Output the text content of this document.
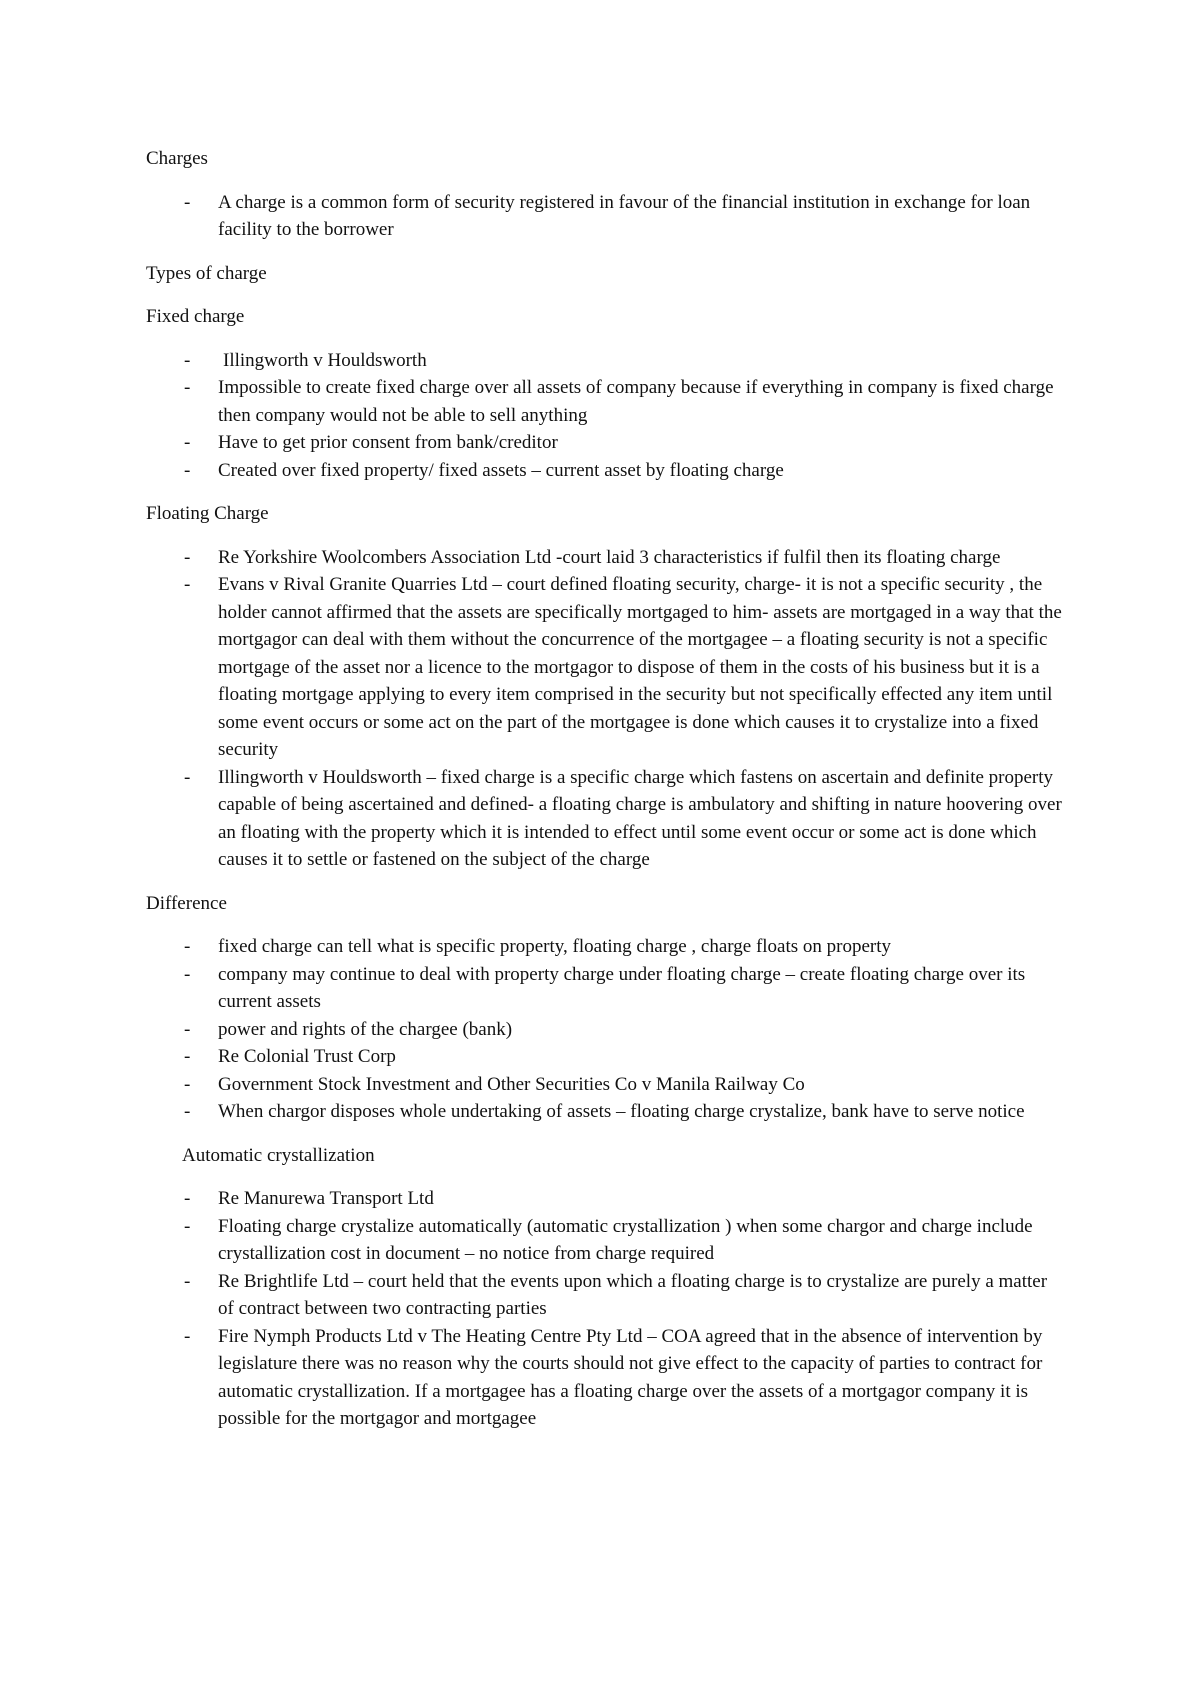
Charges

- A charge is a common form of security registered in favour of the financial institution in exchange for loan facility to the borrower

Types of charge

Fixed charge

- Illingworth v Houldsworth
- Impossible to create fixed charge over all assets of company because if everything in company is fixed charge then company would not be able to sell anything
- Have to get prior consent from bank/creditor
- Created over fixed property/ fixed assets – current asset by floating charge

Floating Charge

- Re Yorkshire Woolcombers Association Ltd -court laid 3 characteristics if fulfil then its floating charge
- Evans v Rival Granite Quarries Ltd – court defined floating security, charge- it is not a specific security , the holder cannot affirmed that the assets are specifically mortgaged to him- assets are mortgaged in a way that the mortgagor can deal with them without the concurrence of the mortgagee – a floating security is not a specific mortgage of the asset nor a licence to the mortgagor to dispose of them in the costs of his business but it is a floating mortgage applying to every item comprised in the security but not specifically effected any item until some event occurs or some act on the part of the mortgagee is done which causes it to crystalize into a fixed security
- Illingworth v Houldsworth – fixed charge is a specific charge which fastens on ascertain and definite property capable of being ascertained and defined- a floating charge is ambulatory and shifting in nature hoovering over an floating with the property which it is intended to effect until some event occur or some act is done which causes it to settle or fastened on the subject of the charge

Difference

- fixed charge can tell what is specific property, floating charge , charge floats on property
- company may continue to deal with property charge under floating charge – create floating charge over its current assets
- power and rights of the chargee (bank)
- Re Colonial Trust Corp
- Government Stock Investment and Other Securities Co v Manila Railway Co
- When chargor disposes whole undertaking of assets – floating charge crystalize, bank have to serve notice

Automatic crystallization

- Re Manurewa Transport Ltd
- Floating charge crystalize automatically (automatic crystallization ) when some chargor and charge include crystallization cost in document – no notice from charge required
- Re Brightlife Ltd – court held that the events upon which a floating charge is to crystalize are purely a matter of contract between two contracting parties
- Fire Nymph Products Ltd v The Heating Centre Pty Ltd – COA agreed that in the absence of intervention by legislature there was no reason why the courts should not give effect to the capacity of parties to contract for automatic crystallization. If a mortgagee has a floating charge over the assets of a mortgagor company it is possible for the mortgagor and mortgagee
